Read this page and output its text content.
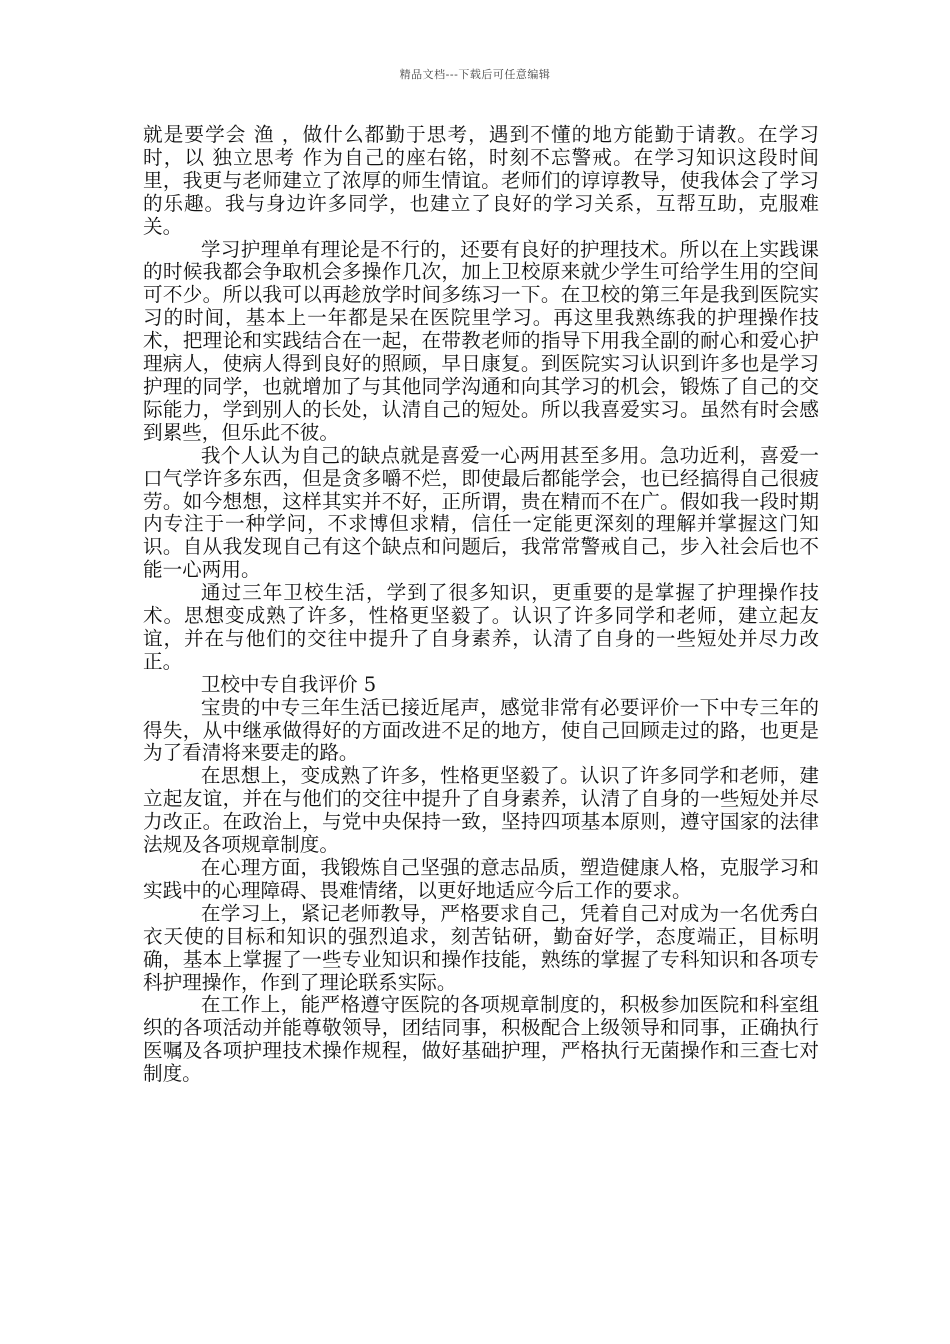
精品文档---下载后可任意编辑

就是要学会 渔 ，做什么都勤于思考，遇到不懂的地方能勤于请教。在学习时，以 独立思考 作为自己的座右铭，时刻不忘警戒。在学习知识这段时间里，我更与老师建立了浓厚的师生情谊。老师们的谆谆教导，使我体会了学习的乐趣。我与身边许多同学，也建立了良好的学习关系，互帮互助，克服难关。

学习护理单有理论是不行的，还要有良好的护理技术。所以在上实践课的时候我都会争取机会多操作几次，加上卫校原来就少学生可给学生用的空间可不少。所以我可以再趁放学时间多练习一下。在卫校的第三年是我到医院实习的时间，基本上一年都是呆在医院里学习。再这里我熟练我的护理操作技术，把理论和实践结合在一起，在带教老师的指导下用我全副的耐心和爱心护理病人，使病人得到良好的照顾，早日康复。到医院实习认识到许多也是学习护理的同学，也就增加了与其他同学沟通和向其学习的机会，锻炼了自己的交际能力，学到别人的长处，认清自己的短处。所以我喜爱实习。虽然有时会感到累些，但乐此不彼。

我个人认为自己的缺点就是喜爱一心两用甚至多用。急功近利，喜爱一口气学许多东西，但是贪多嚼不烂，即使最后都能学会，也已经搞得自己很疲劳。如今想想，这样其实并不好，正所谓，贵在精而不在广。假如我一段时期内专注于一种学问，不求博但求精，信任一定能更深刻的理解并掌握这门知识。自从我发现自己有这个缺点和问题后，我常常警戒自己，步入社会后也不能一心两用。

通过三年卫校生活，学到了很多知识，更重要的是掌握了护理操作技术。思想变成熟了许多，性格更坚毅了。认识了许多同学和老师，建立起友谊，并在与他们的交往中提升了自身素养，认清了自身的一些短处并尽力改正。

卫校中专自我评价 5

宝贵的中专三年生活已接近尾声，感觉非常有必要评价一下中专三年的得失，从中继承做得好的方面改进不足的地方，使自己回顾走过的路，也更是为了看清将来要走的路。

在思想上，变成熟了许多，性格更坚毅了。认识了许多同学和老师，建立起友谊，并在与他们的交往中提升了自身素养，认清了自身的一些短处并尽力改正。在政治上，与党中央保持一致，坚持四项基本原则，遵守国家的法律法规及各项规章制度。

在心理方面，我锻炼自己坚强的意志品质，塑造健康人格，克服学习和实践中的心理障碍、畏难情绪，以更好地适应今后工作的要求。

在学习上，紧记老师教导，严格要求自己，凭着自己对成为一名优秀白衣天使的目标和知识的强烈追求，刻苦钻研，勤奋好学，态度端正，目标明确，基本上掌握了一些专业知识和操作技能，熟练的掌握了专科知识和各项专科护理操作，作到了理论联系实际。

在工作上，能严格遵守医院的各项规章制度的，积极参加医院和科室组织的各项活动并能尊敬领导，团结同事，积极配合上级领导和同事，正确执行医嘱及各项护理技术操作规程，做好基础护理，严格执行无菌操作和三查七对制度。
